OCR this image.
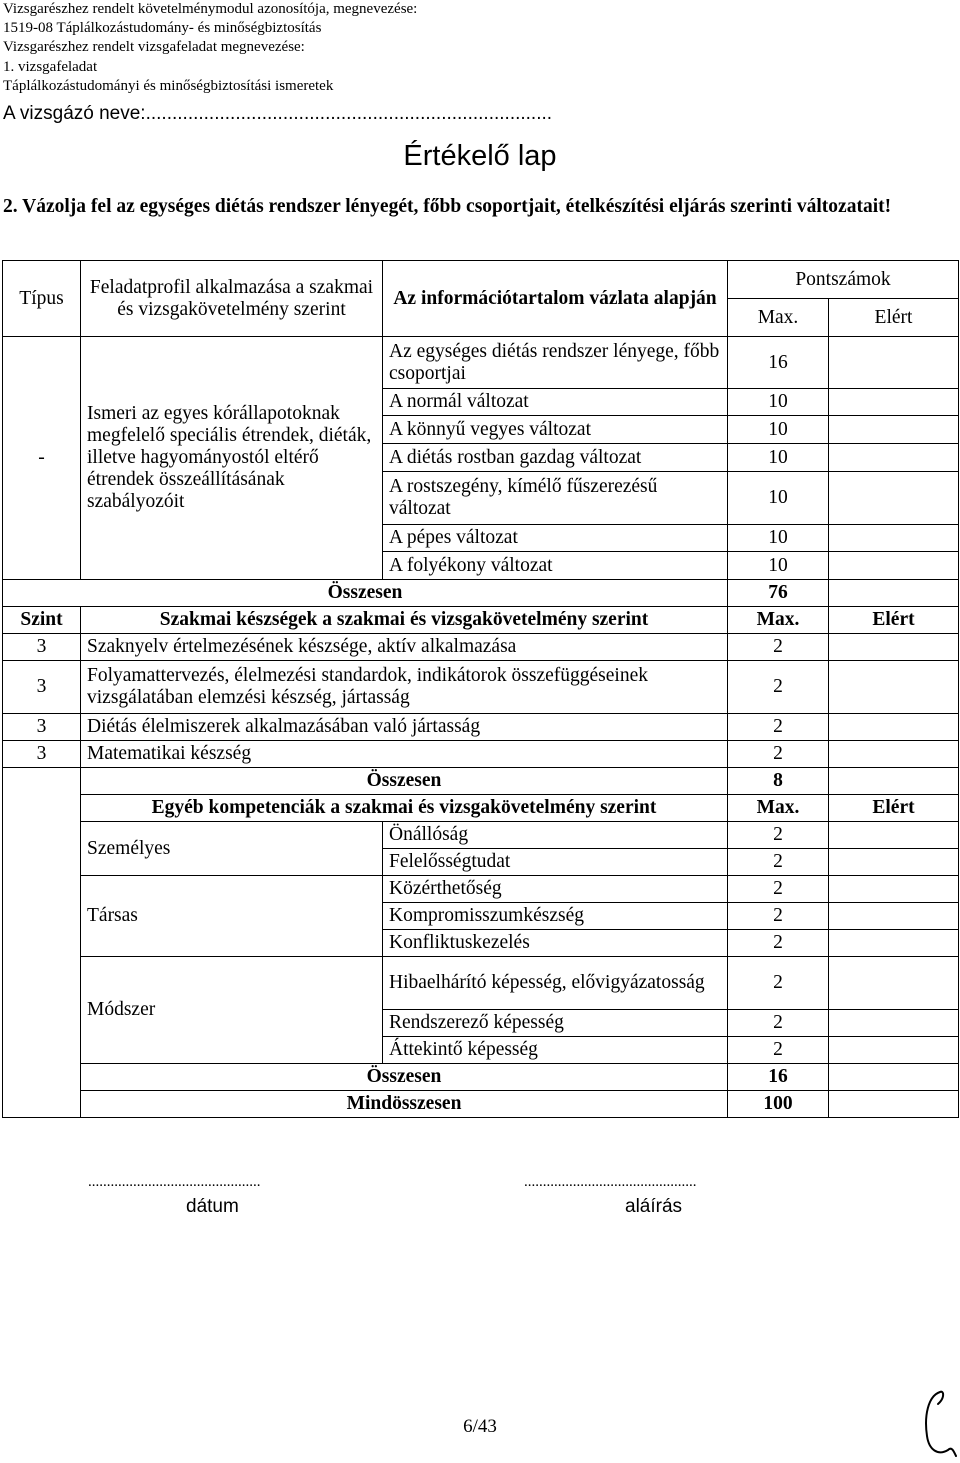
Vizsgarészhez rendelt követelménymodul azonosítója, megnevezése:
1519-08 Táplálkozástudomány- és minőségbiztosítás
Vizsgarészhez rendelt vizsgafeladat megnevezése:
1. vizsgafeladat
Táplálkozástudományi és minőségbiztosítási ismeretek
A vizsgázó neve:.............................................................................
Értékelő lap
2. Vázolja fel az egységes diétás rendszer lényegét, főbb csoportjait, ételkészítési eljárás szerinti változatait!
Típus	Feladatprofil alkalmazása a szakmai és vizsgakövetelmény szerint	Az információtartalom vázlata alapján	Pontszámok	
			Max.	Elért
-	Ismeri az egyes kórállapotoknak megfelelő speciális étrendek, diéták, illetve hagyományostól eltérő étrendek összeállításának szabályozóit	Az egységes diétás rendszer lényege, főbb csoportjai	16	
		A normál változat	10	
		A könnyű vegyes változat	10	
		A diétás rostban gazdag változat	10	
		A rostszegény, kímélő fűszerezésű változat	10	
		A pépes változat	10	
		A folyékony változat	10	
Összesen			76	
Szint	Szakmai készségek a szakmai és vizsgakövetelmény szerint		Max.	Elért
3	Szaknyelv értelmezésének készsége, aktív alkalmazása		2	
3	Folyamattervezés, élelmezési standardok, indikátorok összefüggéseinek vizsgálatában elemzési készség, jártasság		2	
3	Diétás élelmiszerek alkalmazásában való jártasság		2	
3	Matematikai készség		2	
	Összesen		8	
	Egyéb kompetenciák a szakmai és vizsgakövetelmény szerint		Max.	Elért
	Személyes	Önállóság	2	
		Felelősségtudat	2	
	Társas	Közérthetőség	2	
		Kompromisszumkészség	2	
		Konfliktuskezelés	2	
	Módszer	Hibaelhárító képesség, elővigyázatosság	2	
		Rendszerező képesség	2	
		Áttekintő képesség	2	
	Összesen		16	
	Mindösszesen		100	
..............................................
dátum
..............................................
aláírás
6/43
